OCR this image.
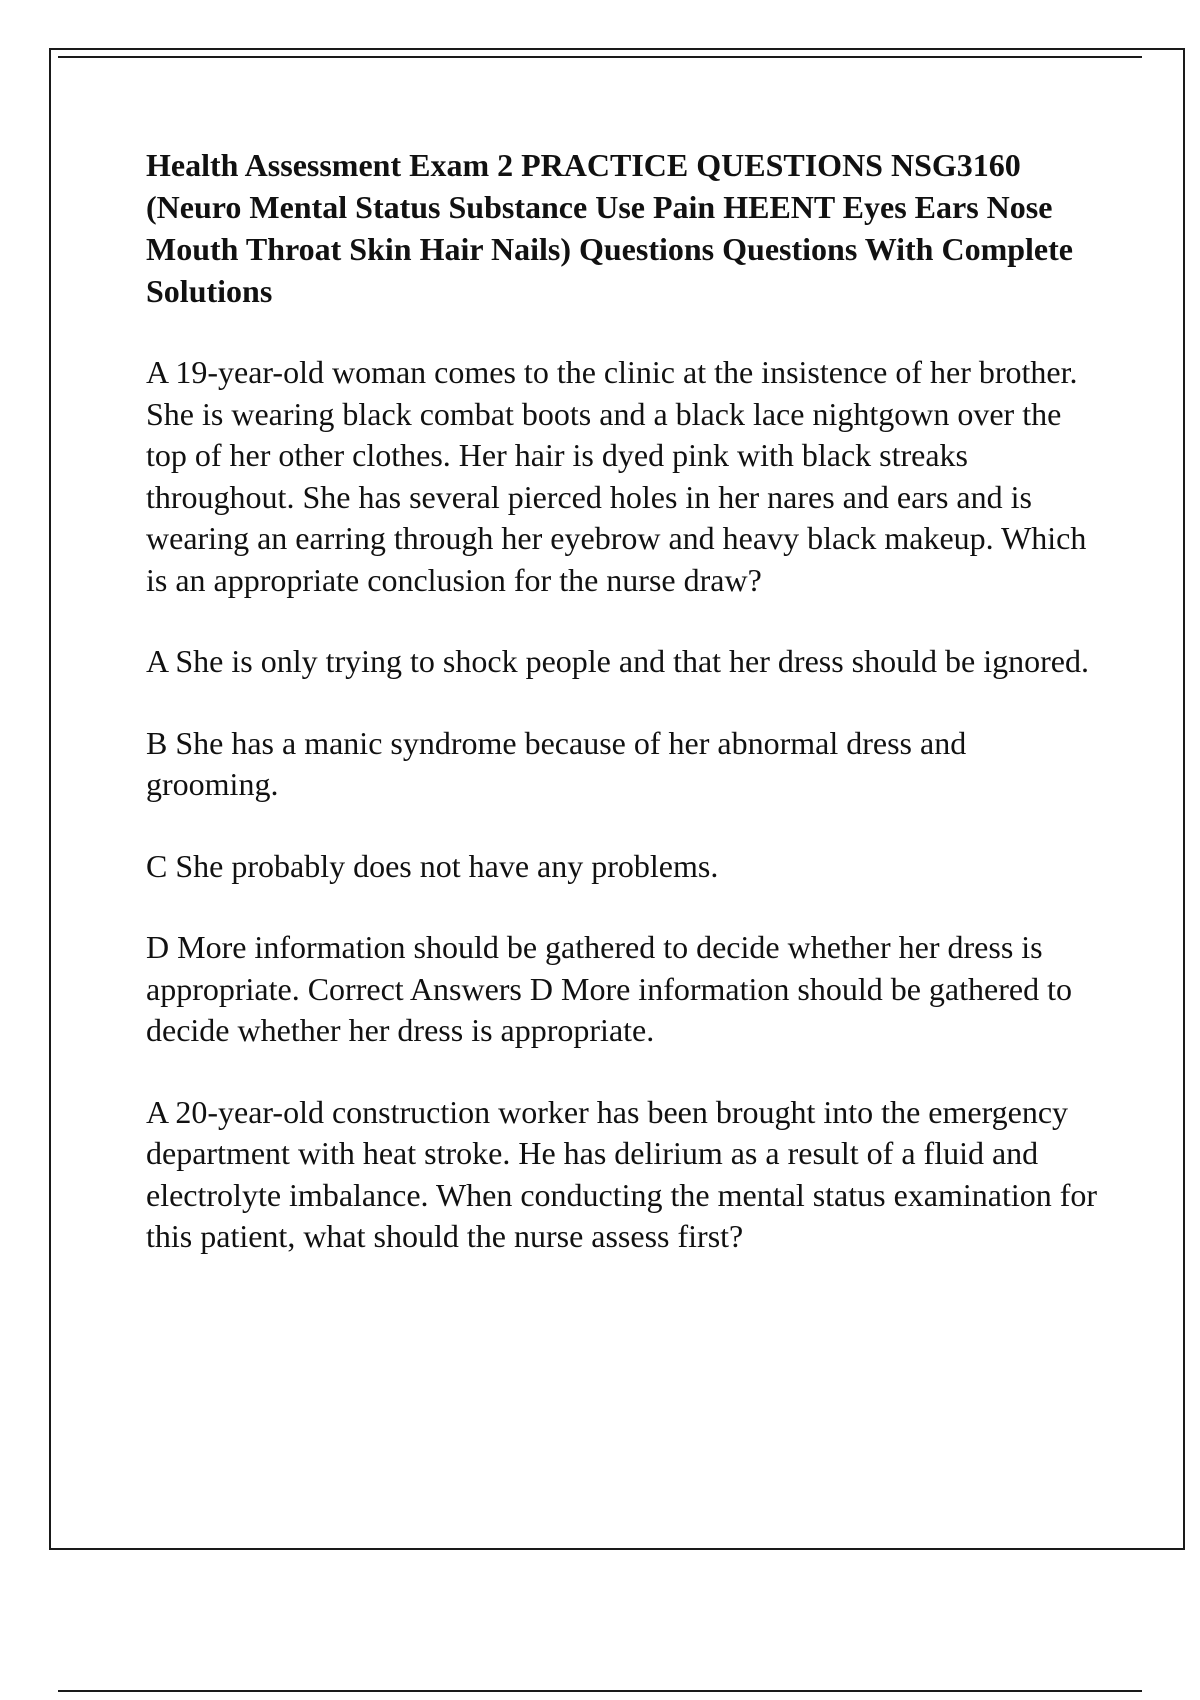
Health Assessment Exam 2 PRACTICE QUESTIONS NSG3160 (Neuro Mental Status Substance Use Pain HEENT Eyes Ears Nose Mouth Throat Skin Hair Nails) Questions Questions With Complete Solutions

A 19-year-old woman comes to the clinic at the insistence of her brother. She is wearing black combat boots and a black lace nightgown over the top of her other clothes. Her hair is dyed pink with black streaks throughout. She has several pierced holes in her nares and ears and is wearing an earring through her eyebrow and heavy black makeup. Which is an appropriate conclusion for the nurse draw?

A She is only trying to shock people and that her dress should be ignored.

B She has a manic syndrome because of her abnormal dress and grooming.

C She probably does not have any problems.

D More information should be gathered to decide whether her dress is appropriate. Correct Answers D More information should be gathered to decide whether her dress is appropriate.

A 20-year-old construction worker has been brought into the emergency department with heat stroke. He has delirium as a result of a fluid and electrolyte imbalance. When conducting the mental status examination for this patient, what should the nurse assess first?
